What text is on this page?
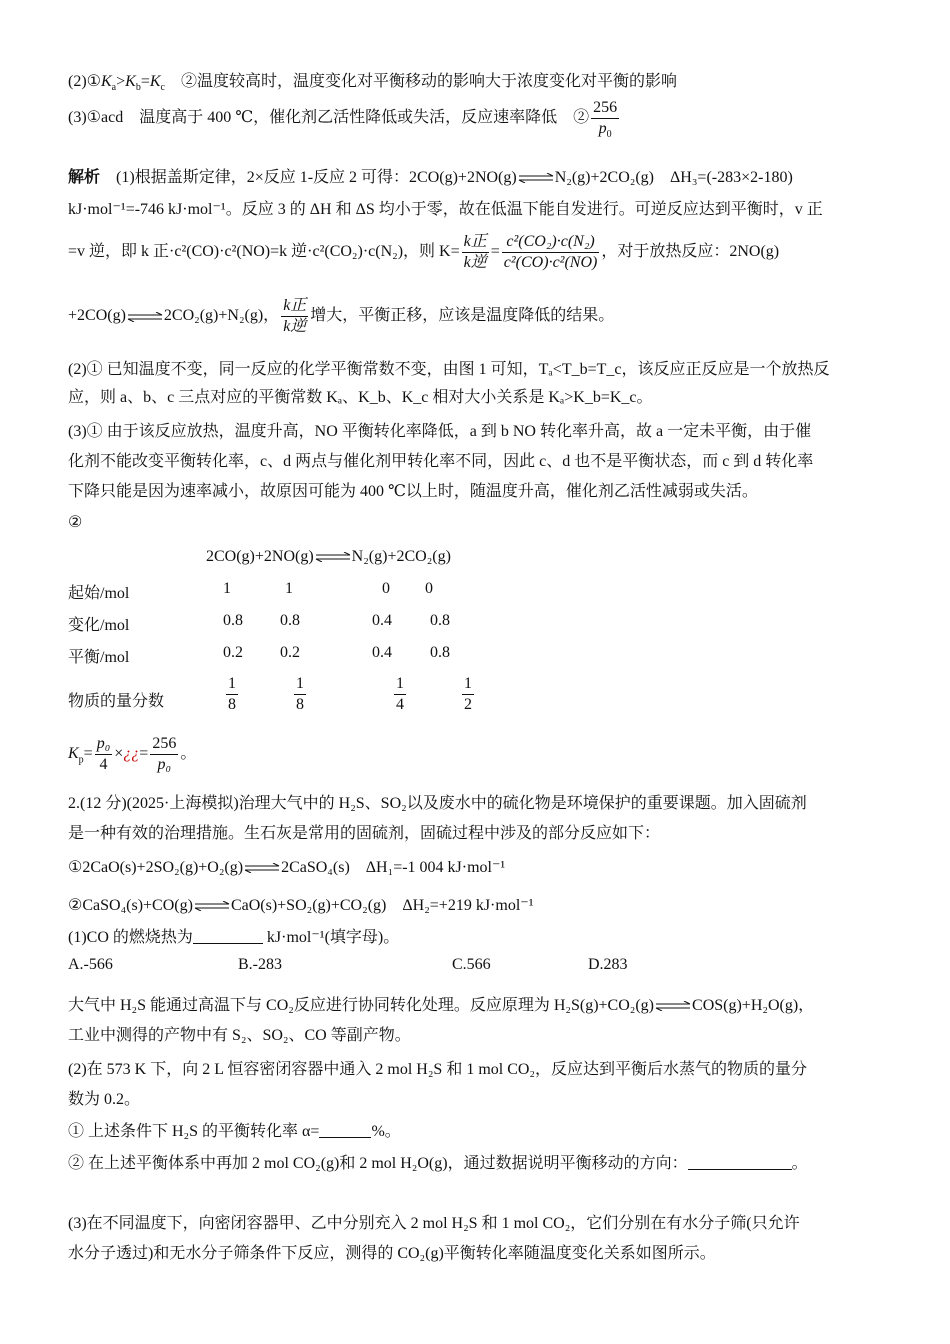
$(2)①K_a>K_b=K_c$　 ②温度较高时，温度变化对平衡移动的影响大于浓度变化对平衡的影响
(3)①acd　温度高于 400 ℃，催化剂乙活性降低或失活，反应速率降低　② $\frac{256}{p_0}$
解析　 (1)根据盖斯定律，2×反应 1-反应 2 可得：2CO(g)+2NO(g)⇌N₂(g)+2CO₂(g)　ΔH₃=(-283×2-180)
kJ·mol⁻¹=-746 kJ·mol⁻¹。反应 3 的 ΔH 和 ΔS 均小于零，故在低温下能自发进行。可逆反应达到平衡时，v 正
=v 逆，即 k 正·c²(CO)·c²(NO)=k 逆·c²(CO₂)·c(N₂)，则 $K= \frac{\text{k正}}{\text{k逆}} = \frac{\text{c²(CO₂)·c(N₂)}}{\text{c²(CO)·c²(NO)}}$ ，对于放热反应：2NO(g)
+2CO(g)⇌2CO₂(g)+N₂(g)， $\frac{\text{k正}}{\text{k逆}}$ 增大，平衡正移，应该是温度降低的结果。
(2)① 已知温度不变，同一反应的化学平衡常数不变，由图 1 可知，Tₐ<T_b=T_c，该反应正反应是一个放热反
应，则 a、b、c 三点对应的平衡常数 Kₐ、K_b、K_c 相对大小关系是 Kₐ>K_b=K_c。
(3)① 由于该反应放热，温度升高，NO 平衡转化率降低，a 到 b NO 转化率升高，故 a 一定未平衡，由于催
化剂不能改变平衡转化率，c、d 两点与催化剂甲转化率不同，因此 c、d 也不是平衡状态，而 c 到 d 转化率
下降只能是因为速率减小，故原因可能为 400 ℃以上时，随温度升高，催化剂乙活性减弱或失活。
②
2CO(g)+2NO(g)⇌N₂(g)+2CO₂(g)
起始/mol	1	1	0 0
变化/mol	0.8 0.8	0.4 0.8
平衡/mol	0.2 0.2	0.4 0.8
物质的量分数	$\frac{1}{8}$	$\frac{1}{8}$	$\frac{1}{4}$	$\frac{1}{2}$
$K_p= \frac{\text{p₀}}{4}$ ×¿¿= $\frac{256}{\text{p₀}}$ 。
2.(12 分)(2025·上海模拟)治理大气中的 H₂S、SO₂以及废水中的硫化物是环境保护的重要课题。加入固硫剂
是一种有效的治理措施。生石灰是常用的固硫剂，固硫过程中涉及的部分反应如下：
①2CaO(s)+2SO₂(g)+O₂(g)⇌2CaSO₄(s)　ΔH₁=-1 004 kJ·mol⁻¹
②CaSO₄(s)+CO(g)⇌CaO(s)+SO₂(g)+CO₂(g)　ΔH₂=+219 kJ·mol⁻¹
(1)CO 的燃烧热为	kJ·mol⁻¹(填字母)。
A.-566	B.-283	C.566	D.283
大气中 H₂S 能通过高温下与 CO₂反应进行协同转化处理。反应原理为 H₂S(g)+CO₂(g)⇌COS(g)+H₂O(g)，
工业中测得的产物中有 S₂、SO₂、CO 等副产物。
(2)在 573 K 下，向 2 L 恒容密闭容器中通入 2 mol H₂S 和 1 mol CO₂，反应达到平衡后水蒸气的物质的量分
数为 0.2。
① 上述条件下 H₂S 的平衡转化率 α=	%。
② 在上述平衡体系中再加 2 mol CO₂(g)和 2 mol H₂O(g)，通过数据说明平衡移动的方向：	。
(3)在不同温度下，向密闭容器甲、乙中分别充入 2 mol H₂S 和 1 mol CO₂，它们分别在有水分子筛(只允许
水分子透过)和无水分子筛条件下反应，测得的 CO₂(g)平衡转化率随温度变化关系如图所示。
